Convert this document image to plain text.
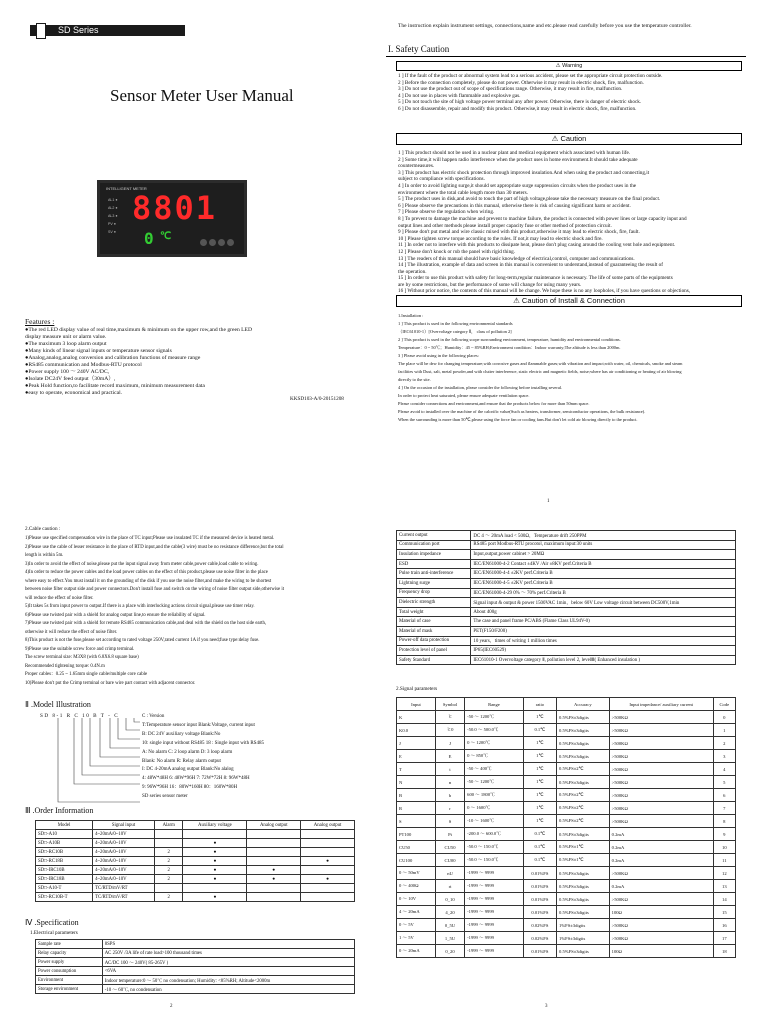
SD Series
Sensor Meter User Manual
INTELLIGENT METER
AL1 ●
AL2 ●
AL3 ●
PV ●
SV ●
8801
0 ℃
Features :
●The red LED display value of real time,maximum & minimum on the upper row,and the green LED
display measure unit or alarm value.
●The maximum 3 loop alarm output
●Many kinds of linear signal inputs or temperature sensor signals
●Analog,analog,analog conversion and calibration functions of measure range
●RS485 communication and Modbus-RTU protocol
●Power supply 100 ～ 240V AC/DC,
●Isolate DC24V feed output（30mA）,
●Peak Hold function,to facilitate record maximum, minimum measurement data
●easy to operate, economical and practical.
KKSD103-A/0-20151208
The instruction explain instrument settings, connections,name and etc.please read carefully before you use the temperature controller.
I. Safety Caution
⚠ Warning
1 ] If the fault of the product or abnormal system lead to a serious accident, please set the appropriate circuit protection outside.
2 ] Before the connection completely, please do not power. Otherwise it may result in electric shock, fire, malfunction.
3 ] Do not use the product out of scope of specifications range. Otherwise, it may result in fire, malfunction.
4 ] Do not use in places with flammable and explosive gas.
5 ] Do not touch the site of high voltage power terminal any after power. Otherwise, there is danger of electric shock.
6 ] Do not disassemble, repair and modify this product. Otherwise,it may result in electric shock, fire, malfunction.
⚠ Caution
1 ] This product should not be used in a nuclear plant and medical equipment which associated with human life.
2 ] Some time,it will happen radio interference when the product uses in home environment.It should take adequate
countermeasures.
3 ] This product has electric shock protection through improved insulation.And when using the product and connecting,it
subject to compliance with specifications.
4 ] In order to avoid lighting surge,it should set appropriate surge suppression circuits when the product uses in the
environment where the total cable length more than 30 meters.
5 ] The product uses in disk,and avoid to touch the part of high voltage,please take the necessary measure on the final product.
6 ] Please observe the precautions in this manual, otherwise there is risk of causing significant harm or accident.
7 ] Please observe the regulation when wiring.
8 ] To prevent to damage the machine and prevent to machine failure, the product is connected with power lines or large capacity input and
output lines and other methods please install proper capacity fuse or other method of protection circuit.
9 ] Please don't put metal and wire classic mixed with this product,otherwise it may lead to electric shock, fire, fault.
10 ] Please tighten screw torque according to the rules. If not,it may lead to electric shock and fire.
11 ] In order not to interfere with this products to dissipate heat, please don't plug casing around the cooling vent hole and equipment.
12 ] Please don't knock or rub the panel with rigid thing.
13 ] The readers of this manual should have basic knowledge of electrical,control, computer and communications.
14 ] The illustration, example of data and screen in this manual is convenient to understand,instead of guaranteeing the result of
the operation.
15 ] In order to use this product with safety for long-term,regular maintenance is necessary. The life of some parts of the equipments
are by some restrictions, but the performance of some will change for using many years.
16 ] Without prior notice, the contents of this manual will be change. We hope these is no any loopholes, if you have questions or objections,
⚠ Caution of Install & Connection
1.Installation :
1 ] This product is used in the following environmental standards
（IEC61010-1）[Overvoltage category Ⅱ， class of pollution 2]
2 ] This product is used in the following scope surrounding environment, temperature, humidity and environmental conditions.
Temperature：0 ~ 50℃；Humidity：45 ~ 85%RH;Environment condition：Indoor warranty;The altitude is less than 2000m.
3 ] Please avoid using in the following places:
The place will be dew for changing temperature;with corrosive gases and flammable gases;with vibration and impact;with water, oil, chemicals, smoke and steam
facilities with Dust, salt, metal powder,and with clutter interference, static electric and magnetic fields, noise;where has air conditioning or heating of air blowing
directly to the site.
4 ] On the occasion of the installation, please consider the following before installing several.
In order to protect heat saturated, please ensure adequate ventilation space.
Please consider connections and environment,and ensure that the products below for more than 50mm space.
Please avoid to installed over the machine of the calorific value(Such as heaters, transformer, semiconductor operations, the bulk resistance).
When the surrounding is more than 50℃,please using the force fan or cooling fans.But don't let cold air blowing directly to the product.
1
2.Cable caution :
1)Please use specified compensation wire in the place of TC input;Please use insulated TC if the measured device is heated metal.
2)Please use the cable of lesser resistance in the place of RTD input,and the cable(3 wire) must be no resistance difference,but the total
length is within 5m.
3)In order to avoid the effect of noise,please put the input signal away from meter cable,power cable,load cable to wiring.
4)In order to reduce the power cables and the load power cables on the effect of this product,please use noise filter in the place
where easy to effect.You must install it on the grounding of the disk if you use the noise filter,and make the wiring to be shortest
between noise filter output side and power connectors.Don't install fuse and switch on the wiring of noise filter output side,otherwise it
will reduce the effect of noise filter.
5)It takes 5s from input power to output.If there is a place with interlocking actions circuit signal,please use timer relay.
6)Please use twisted pair with a shield for analog output line,to ensure the reliability of signal.
7)Please use twisted pair with a shield for remote RS485 communication cable,and deal with the shield on the host side earth,
otherwise it will reduce the effect of noise filter.
8)This product is not the fuse,please set according to rated voltage 250V,rated current 1A if you need;fuse type:delay fuse.
9)Please use the suitable screw force and crimp terminal.
The screw terminal size: M3X8 (with 6.8X6.8 square base)
Recommended tightening torque: 0.4N.m
Proper cables：0.25 ~ 1.65mm single cable/multiple core cable
10)Please don't put the Crimp terminal or bare wire part contact with adjacent connector.
Ⅱ .Model Illustration
SD 8-1 R C 10 B T - C	C : Version
T:Temperature sensor input Blank:Voltage, current input
B: DC 24V auxiliary voltage Blank:No
10: single input without RS485 18 : Single input with RS485
A: No alarm C: 2 loop alarm D: 3 loop alarm
Blank: No alarm R: Relay alarm output
I: DC 4-20mA analog output Blank:No alalog
4: 48W*48H 6: 48W*96H 7: 72W*72H 8: 96W*48H
9: 96W*96H 16：80W*160H 80：160W*80H
SD series sensor meter
Ⅲ .Order Information
Model	Signal input	Alarm	Auxiliary voltage	Analog output	Analog output
SD□-A10	4~20mA/0~10V				
SD□-A10B	4~20mA/0~10V		●		
SD□-RC10B	4~20mA/0~10V	2	●		
SD□-RC18B	4~20mA/0~10V	2	●		●
SD□-IRC10B	4~20mA/0~10V	2	●	●	
SD□-IRC18B	4~20mA/0~10V	2	●	●	●
SD□-A10-T	TC/RTD/mV/RT				
SD□-RC10B-T	TC/RTD/mV/RT	2	●		
Ⅳ .Specification
1.Electrical parameters
Sample rate	8SPS
Relay capacity	AC 250V /3A life of rate load>100 thousand times
Power supply	AC/DC 100 ～ 240V( 85-265V )
Power consumption	<6VA
Environment	Indoor temperature:0 ～ 50℃ no condensation; Humidity: <85%RH; Altitude<2000m
Storage environment	-10 ～ 60℃, no condensation
2
Current output	DC 4 ～ 20mA load < 500Ω，Temperature drift 250PPM
Communication port	RS485 port Modbus-RTU procotol, maximum input:30 units
Insulation impedance	Input,output,power cabinet > 20MΩ
ESD	IEC/EN61000-4-2 Contact ±4KV /Air ±8KV perf.Criteria B
Pulse train anti-interference	IEC/EN61000-4-4 ±2KV perf.Criteria B
Lightning surge	IEC/EN61000-4-5 ±2KV perf.Criteria B
Frequency drop	IEC/EN61000-4-29 0% ～ 70% perf.Criteria B
Dielectric strength	Signal input & output & power 1500VAC 1min，below 60V Low voltage circuit between DC500V,1min
Total weight	About 400g
Material of case	The case and panel frame PC/ABS (Flame Class UL94V-0)
Material of mask	PET(F150/F200)
Power-off data protection	10 years，times of writing 1 million times
Protection level of panel	IP65(IEC60529)
Safety Standard	IEC61010-1 Overvoltage category Ⅱ, pollution level 2, levelⅢ( Enhanced insulation )
2.Signal parameters
Input	Symbol	Range	ratio	Accuracy	Input impedance/ auxiliary current	Code
K	ヒ	-50 ～ 1200℃	1℃	0.5%FS±3digits	>500KΩ	0
K0.0	ヒ0	-50.0 ～ 500.0℃	0.1℃	0.5%FS±3digits	>500KΩ	1
J	J	0 ～ 1200℃	1℃	0.5%FS±3digits	>500KΩ	2
E	E	0 ～ 850℃	1℃	0.5%FS±3digits	>500KΩ	3
T	t	-50 ～ 400℃	1℃	0.5%FS±2℃	>500KΩ	4
N	n	-50 ～ 1200℃	1℃	0.5%FS±3digits	>500KΩ	5
B	b	600 ～ 1800℃	1℃	0.5%FS±2℃	>500KΩ	6
R	r	0 ～ 1600℃	1℃	0.5%FS±2℃	>500KΩ	7
S	S	-10 ～ 1600℃	1℃	0.5%FS±2℃	>500KΩ	8
PT100	Pt	-200.0 ～ 600.0℃	0.1℃	0.5%FS±3digits	0.2mA	9
CU50	CU50	-50.0 ～ 150.0℃	0.1℃	0.5%FS±1℃	0.2mA	10
CU100	CU00	-50.0 ～ 150.0℃	0.1℃	0.5%FS±1℃	0.2mA	11
0 ～ 50mV	nU	-1999 ～ 9999	0.01%FS	0.5%FS±3digits	>500KΩ	12
0 ～ 400Ω	rt	-1999 ～ 9999	0.01%FS	0.5%FS±3digits	0.2mA	13
0 ～ 10V	0_10	-1999 ～ 9999	0.01%FS	0.5%FS±3digits	>500KΩ	14
4 ～ 20mA	4_20	-1999 ～ 9999	0.01%FS	0.5%FS±3digits	100Ω	15
0 ～ 5V	0_5U	-1999 ～ 9999	0.02%FS	1%FS±3digits	>500KΩ	16
1 ～ 5V	1_5U	-1999 ～ 9999	0.02%FS	1%FS±3digits	>500KΩ	17
0 ～ 20mA	0_20	-1999 ～ 9999	0.01%FS	0.5%FS±3digits	100Ω	18
3
